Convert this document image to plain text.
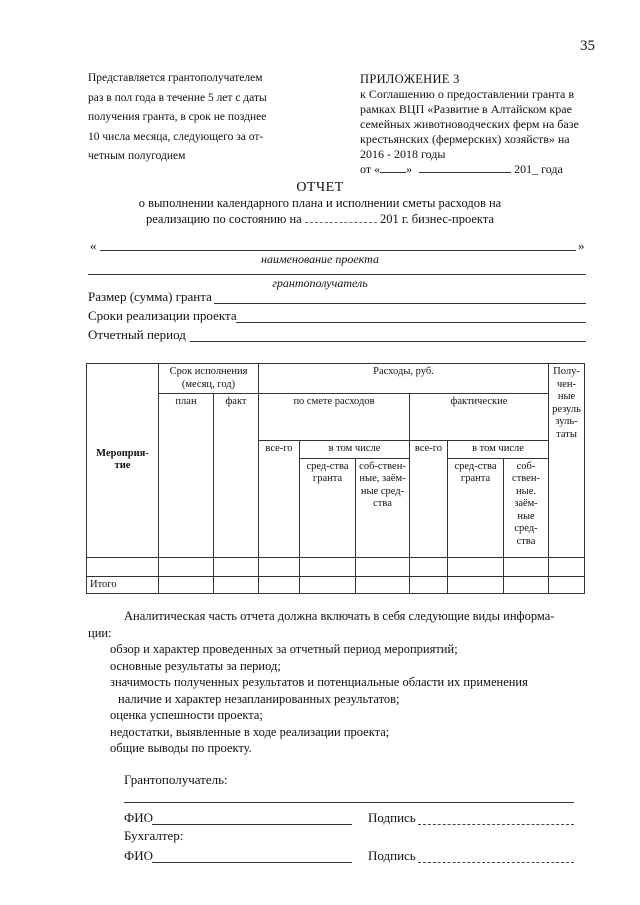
35
Представляется грантополучателем
раз в пол года в течение 5 лет с даты
получения гранта, в срок не позднее
10 числа месяца, следующего за от-
четным полугодием
ПРИЛОЖЕНИЕ 3
к Соглашению о предоставлении гранта в
рамках ВЦП «Развитие в Алтайском крае
семейных животноводческих ферм на базе
крестьянских (фермерских) хозяйств» на
2016 - 2018 годы
от « »	201_ года
ОТЧЕТ
о выполнении календарного плана и исполнении сметы расходов на
реализацию по состоянию на	201 г. бизнес-проекта
«	»
наименование проекта
грантополучатель
Размер (сумма) гранта
Сроки реализации проекта
Отчетный период
Мероприя-тие	Срок исполнения (месяц, год)		Расходы, руб.						Полу-чен-ные резуль зуль-таты
	план	факт	по смете расходов			фактические			
			все-го	в том числе		все-го	в том числе		
				сред-ства гранта	соб-ствен-ные, заём-ные сред-ства		сред-ства гранта	соб-ствен-ные. заём-ные сред-ства	

Итого									
Аналитическая часть отчета должна включать в себя следующие виды информа-
ции:
обзор и характер проведенных за отчетный период мероприятий;
основные результаты за период;
значимость полученных результатов и потенциальные области их применения
наличие и характер незапланированных результатов;
оценка успешности проекта;
недостатки, выявленные в ходе реализации проекта;
общие выводы по проекту.
Грантополучатель:
ФИО	Подпись
Бухгалтер:
ФИО	Подпись
